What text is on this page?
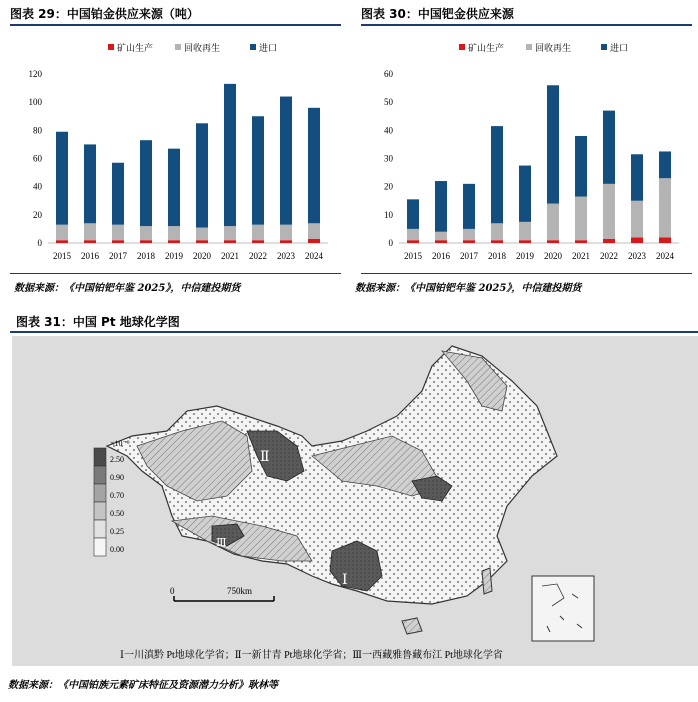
图表 29：中国铂金供应来源（吨）
矿山生产	回收再生	进口
0
20
40
60
80
100
120
2015 2016 2017 2018 2019 2020 2021 2022 2023 2024
数据来源：《中国铂钯年鉴 2025》，中信建投期货
图表 30：中国钯金供应来源
矿山生产	回收再生	进口
0
10
20
30
40
50
60
2015 2016 2017 2018 2019 2020 2021 2022 2023 2024
数据来源：《中国铂钯年鉴 2025》，中信建投期货
图表 31：中国 Pt 地球化学图
Ⅱ
Ⅰ
Ⅲ
0	750km
×10⁻⁹
2.50
0.90
0.70
0.50
0.25
0.00
Ⅰ一川滇黔 Pt地球化学省；Ⅱ一新甘青 Pt地球化学省；Ⅲ一西藏雅鲁藏布江 Pt地球化学省
数据来源：《中国铂族元素矿床特征及资源潜力分析》耿林等
